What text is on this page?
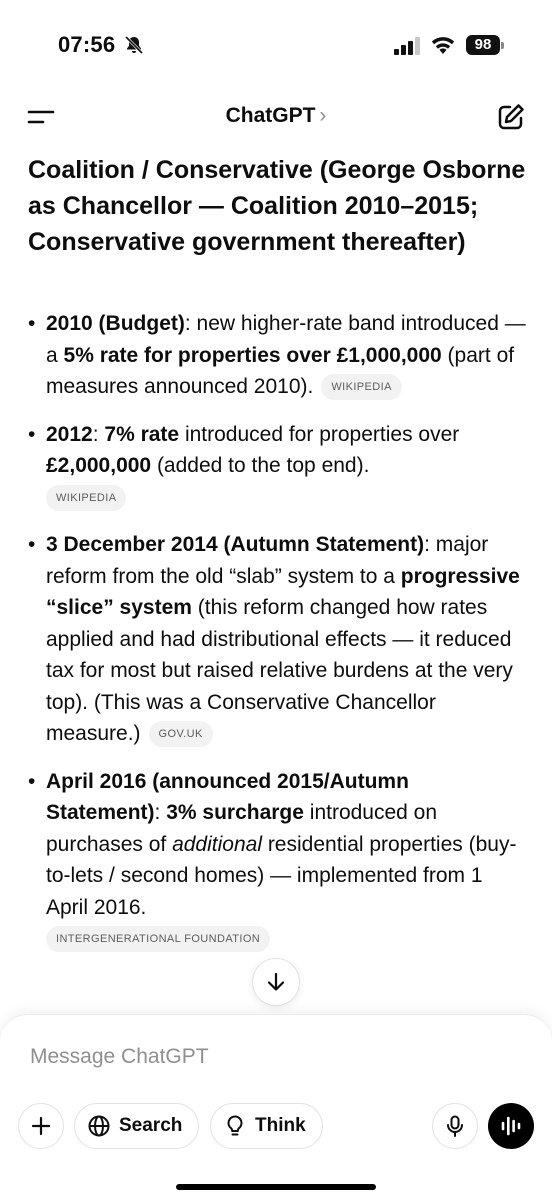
07:56	98
ChatGPT ›
Coalition / Conservative (George Osborne as Chancellor — Coalition 2010–2015; Conservative government thereafter)
• 2010 (Budget): new higher-rate band introduced — a 5% rate for properties over £1,000,000 (part of measures announced 2010). WIKIPEDIA
• 2012: 7% rate introduced for properties over £2,000,000 (added to the top end).
WIKIPEDIA
• 3 December 2014 (Autumn Statement): major reform from the old “slab” system to a progressive “slice” system (this reform changed how rates applied and had distributional effects — it reduced tax for most but raised relative burdens at the very top). (This was a Conservative Chancellor measure.) GOV.UK
• April 2016 (announced 2015/Autumn Statement): 3% surcharge introduced on purchases of additional residential properties (buy-to-lets / second homes) — implemented from 1 April 2016.
INTERGENERATIONAL FOUNDATION
Message ChatGPT
Search	Think
